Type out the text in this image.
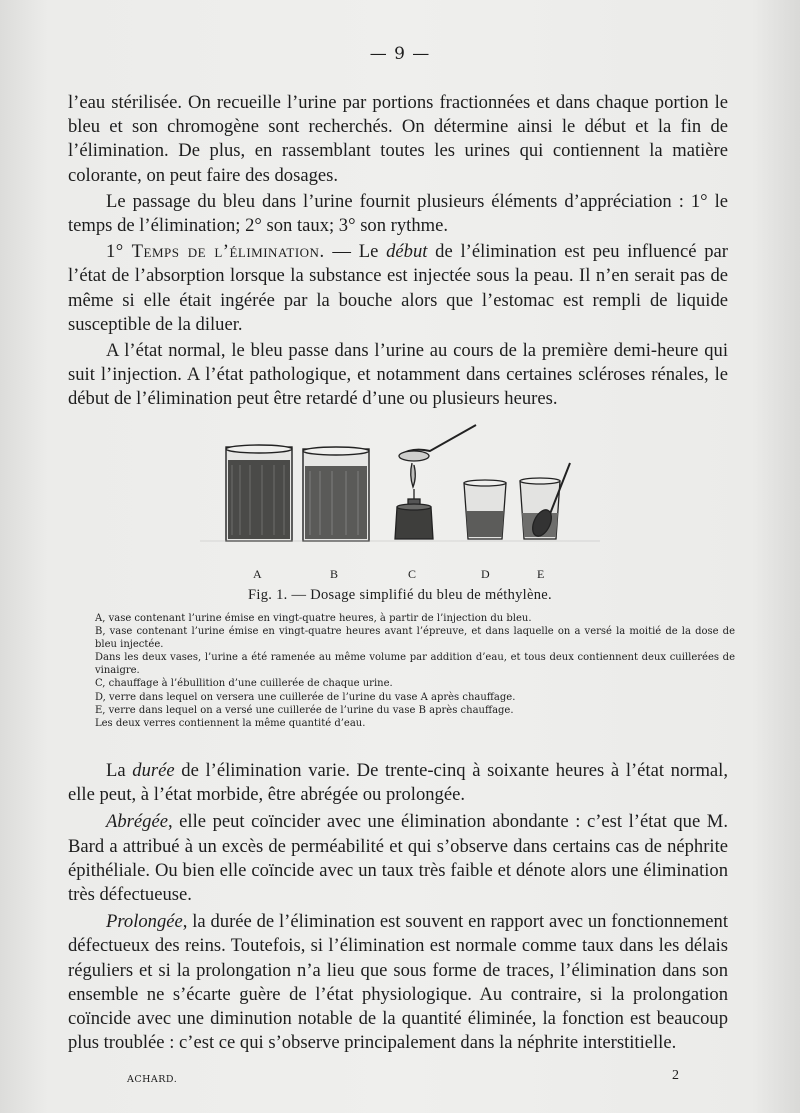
— 9 —

l’eau stérilisée. On recueille l’urine par portions fractionnées et dans chaque portion le bleu et son chromogène sont recherchés. On détermine ainsi le début et la fin de l’élimination. De plus, en rassemblant toutes les urines qui contiennent la matière colorante, on peut faire des dosages.

Le passage du bleu dans l’urine fournit plusieurs éléments d’appréciation : 1° le temps de l’élimination; 2° son taux; 3° son rythme.

1° Temps de l’élimination. — Le début de l’élimination est peu influencé par l’état de l’absorption lorsque la substance est injectée sous la peau. Il n’en serait pas de même si elle était ingérée par la bouche alors que l’estomac est rempli de liquide susceptible de la diluer.

A l’état normal, le bleu passe dans l’urine au cours de la première demi-heure qui suit l’injection. A l’état pathologique, et notamment dans certaines scléroses rénales, le début de l’élimination peut être retardé d’une ou plusieurs heures.

A	B	C	D	E
Fig. 1. — Dosage simplifié du bleu de méthylène.

A, vase contenant l’urine émise en vingt-quatre heures, à partir de l’injection du bleu.

B, vase contenant l’urine émise en vingt-quatre heures avant l’épreuve, et dans laquelle on a versé la moitié de la dose de bleu injectée.

Dans les deux vases, l’urine a été ramenée au même volume par addition d’eau, et tous deux contiennent deux cuillerées de vinaigre.

C, chauffage à l’ébullition d’une cuillerée de chaque urine.

D, verre dans lequel on versera une cuillerée de l’urine du vase A après chauffage.

E, verre dans lequel on a versé une cuillerée de l’urine du vase B après chauffage.

Les deux verres contiennent la même quantité d’eau.

La durée de l’élimination varie. De trente-cinq à soixante heures à l’état normal, elle peut, à l’état morbide, être abrégée ou prolongée.

Abrégée, elle peut coïncider avec une élimination abondante : c’est l’état que M. Bard a attribué à un excès de perméabilité et qui s’observe dans certains cas de néphrite épithéliale. Ou bien elle coïncide avec un taux très faible et dénote alors une élimination très défectueuse.

Prolongée, la durée de l’élimination est souvent en rapport avec un fonctionnement défectueux des reins. Toutefois, si l’élimination est normale comme taux dans les délais réguliers et si la prolongation n’a lieu que sous forme de traces, l’élimination dans son ensemble ne s’écarte guère de l’état physiologique. Au contraire, si la prolongation coïncide avec une diminution notable de la quantité éliminée, la fonction est beaucoup plus troublée : c’est ce qui s’observe principalement dans la néphrite interstitielle.

ACHARD.	2
